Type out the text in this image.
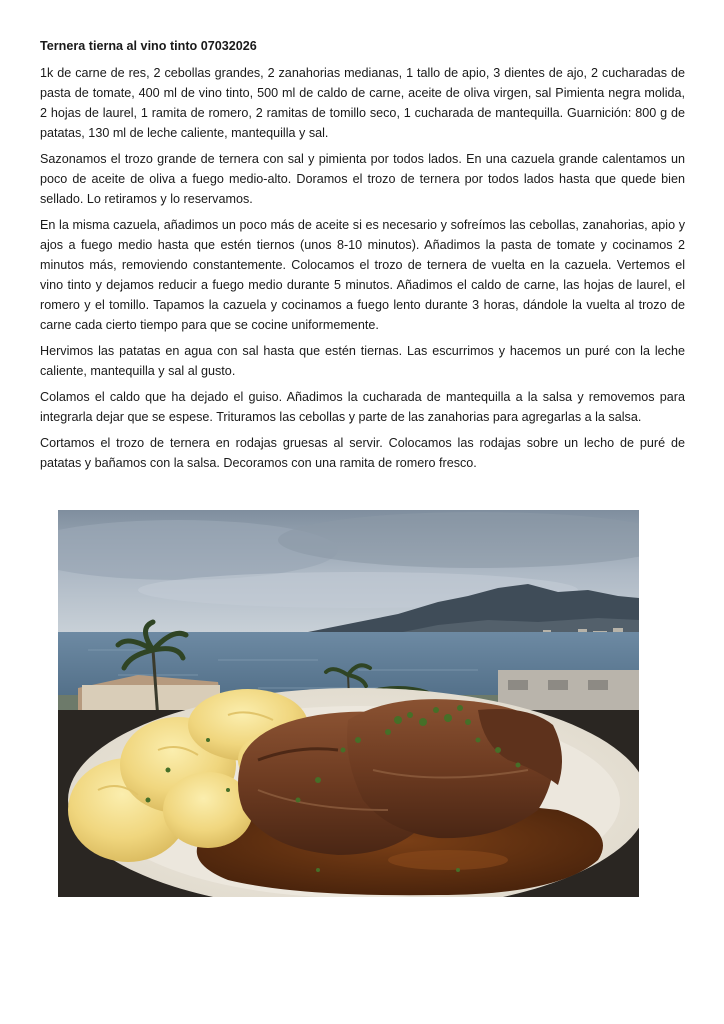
Ternera tierna al vino tinto 07032026

1k de carne de res, 2 cebollas grandes, 2 zanahorias medianas, 1 tallo de apio, 3 dientes de ajo, 2 cucharadas de pasta de tomate, 400 ml de vino tinto, 500 ml de caldo de carne, aceite de oliva virgen, sal Pimienta negra molida, 2 hojas de laurel, 1 ramita de romero, 2 ramitas de tomillo seco, 1 cucharada de mantequilla. Guarnición: 800 g de patatas, 130 ml de leche caliente, mantequilla y sal.

Sazonamos el trozo grande de ternera con sal y pimienta por todos lados. En una cazuela grande calentamos un poco de aceite de oliva a fuego medio-alto. Doramos el trozo de ternera por todos lados hasta que quede bien sellado. Lo retiramos y lo reservamos.

En la misma cazuela, añadimos un poco más de aceite si es necesario y sofreímos las cebollas, zanahorias, apio y ajos a fuego medio hasta que estén tiernos (unos 8-10 minutos). Añadimos la pasta de tomate y cocinamos 2 minutos más, removiendo constantemente. Colocamos el trozo de ternera de vuelta en la cazuela. Vertemos el vino tinto y dejamos reducir a fuego medio durante 5 minutos. Añadimos el caldo de carne, las hojas de laurel, el romero y el tomillo. Tapamos la cazuela y cocinamos a fuego lento durante 3 horas, dándole la vuelta al trozo de carne cada cierto tiempo para que se cocine uniformemente.

Hervimos las patatas en agua con sal hasta que estén tiernas. Las escurrimos y hacemos un puré con la leche caliente, mantequilla y sal al gusto.

Colamos el caldo que ha dejado el guiso. Añadimos la cucharada de mantequilla a la salsa y removemos para integrarla dejar que se espese. Trituramos las cebollas y parte de las zanahorias para agregarlas a la salsa.

Cortamos el trozo de ternera en rodajas gruesas al servir. Colocamos las rodajas sobre un lecho de puré de patatas y bañamos con la salsa. Decoramos con una ramita de romero fresco.
